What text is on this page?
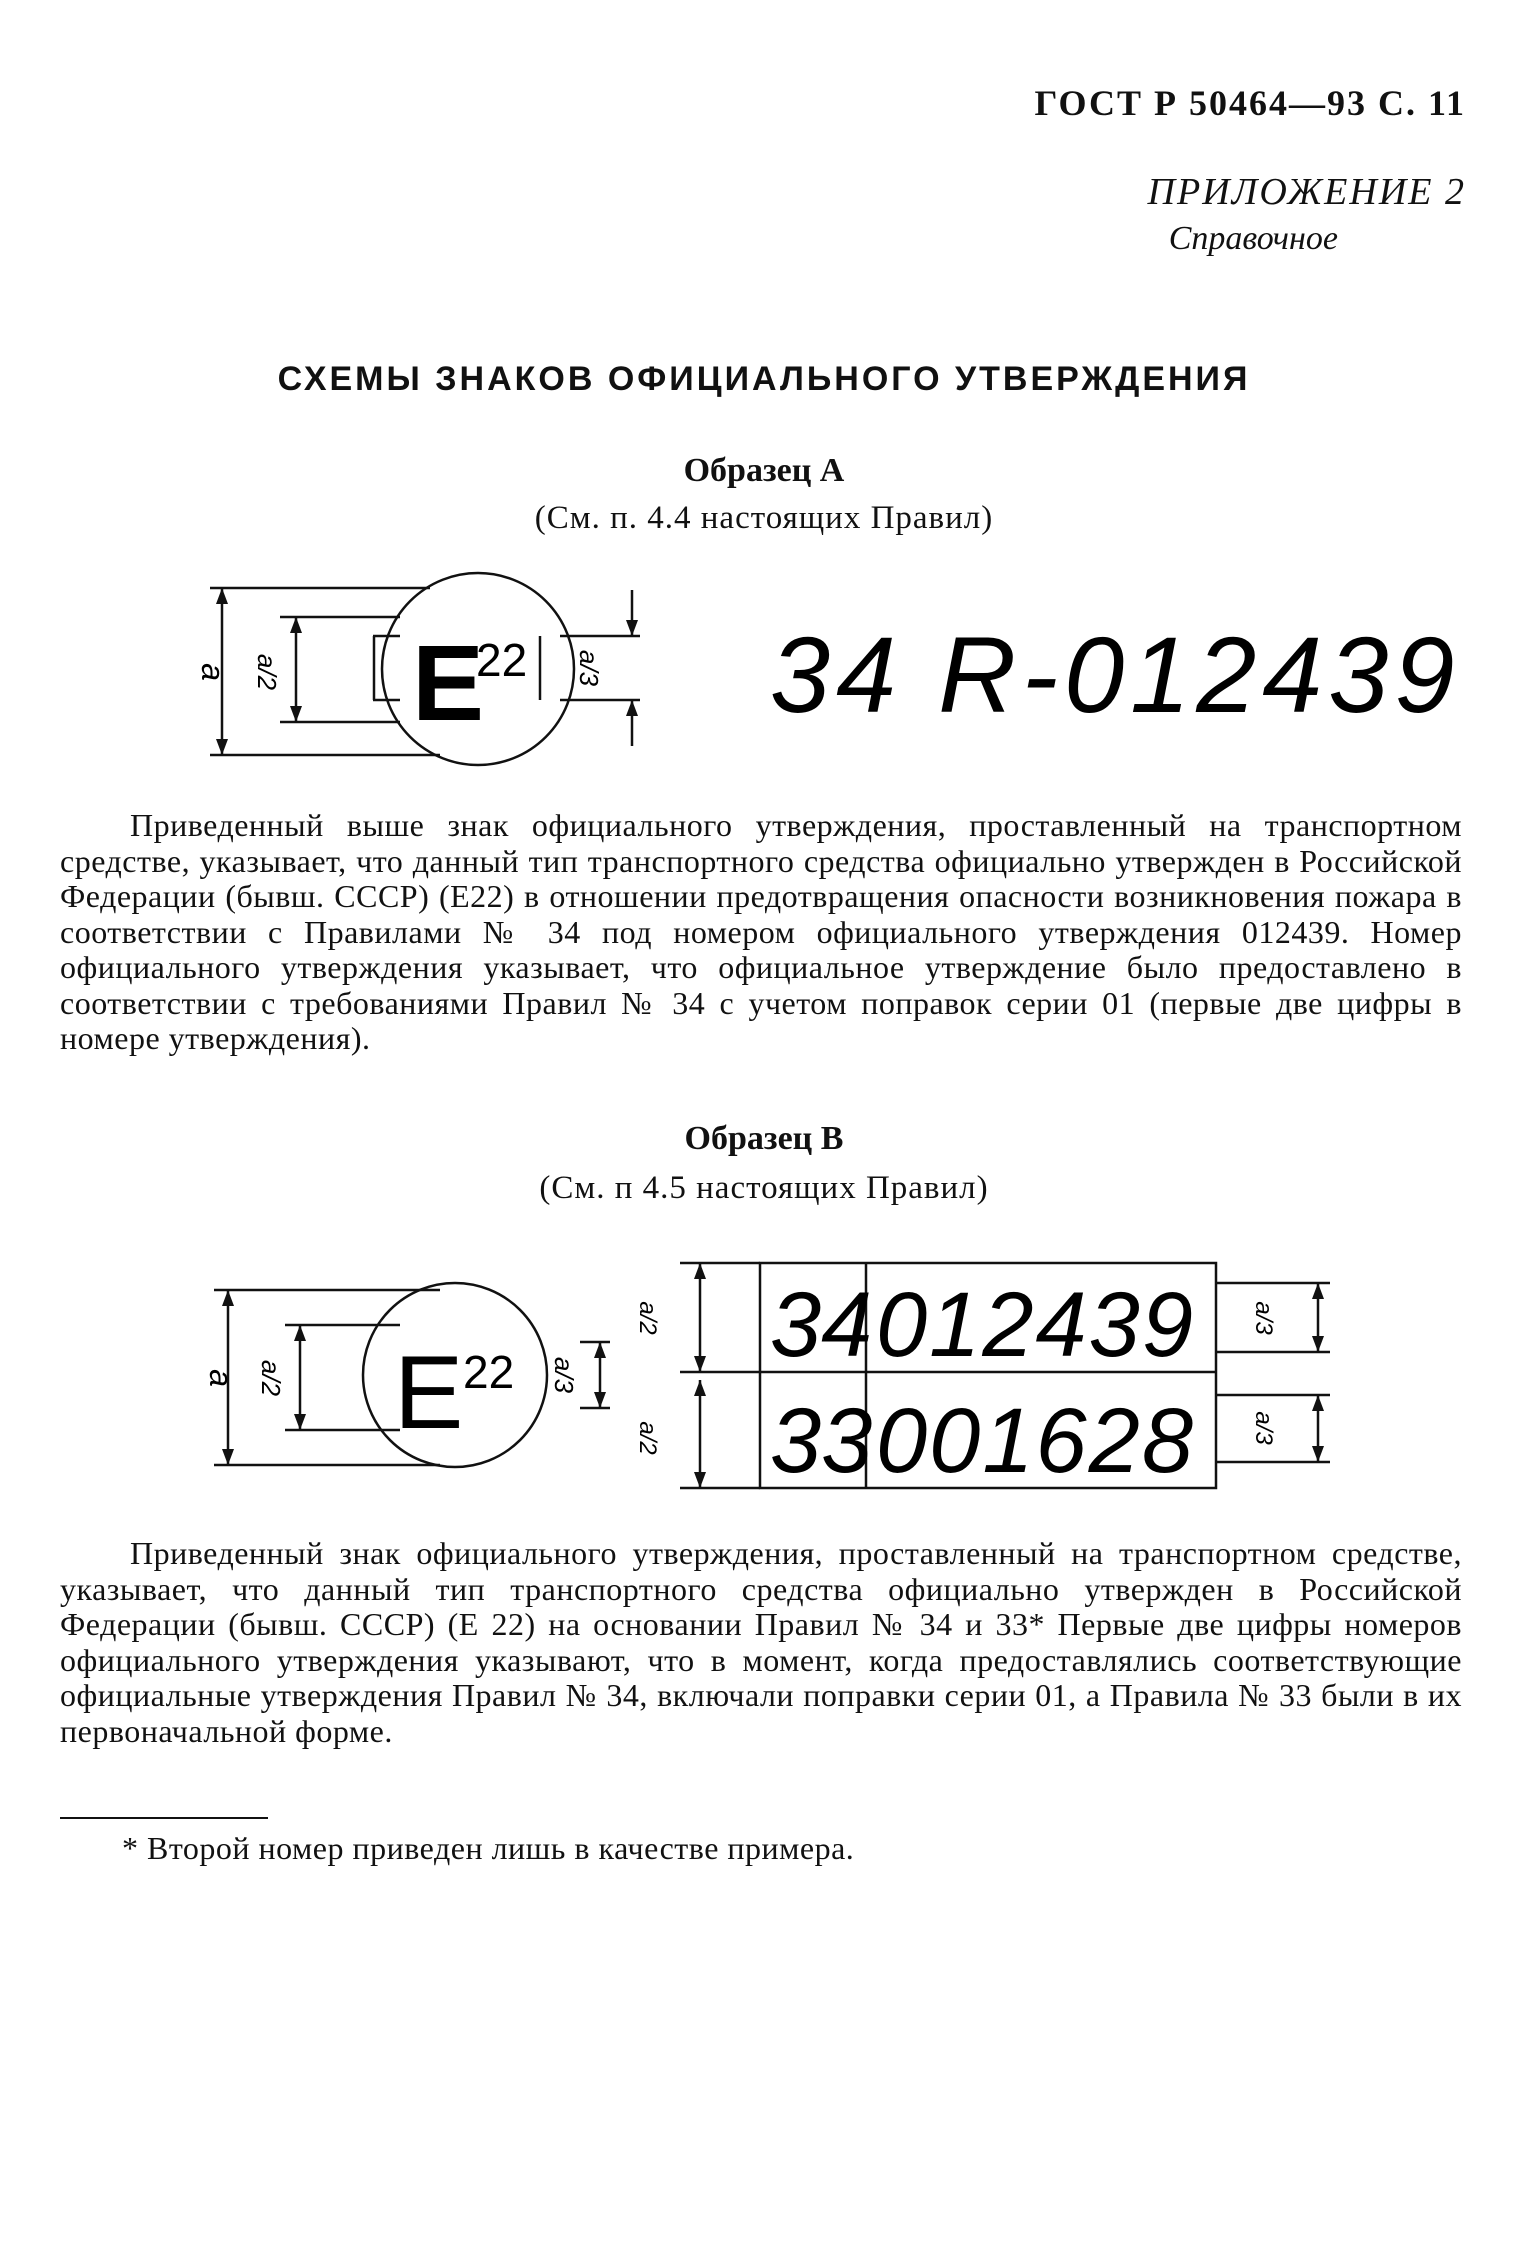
ГОСТ Р 50464—93 С. 11
ПРИЛОЖЕНИЕ 2
Справочное
СХЕМЫ ЗНАКОВ ОФИЦИАЛЬНОГО УТВЕРЖДЕНИЯ
Образец А
(См. п. 4.4 настоящих Правил)
a a/2	a/3
E
22 34 R-012439

Приведенный выше знак официального утверждения, проставленный на транспортном средстве, указывает, что данный тип транспортного средства официально утвержден в Российской Федерации (бывш. СССР) (Е22) в отношении предотвращения опасности возникновения пожара в соответствии с Правилами № 34 под номером официального утверждения 012439. Номер официального утверждения указывает, что официальное утверждение было предоставлено в соответствии с требованиями Правил № 34 с учетом поправок серии 01 (первые две цифры в номере утверждения).

Образец В
(См. п 4.5 настоящих Правил)
a a/2	a/3
a/2
a/2
a/3
a/3
E 22	34 012439
33 001628

Приведенный знак официального утверждения, проставленный на транспортном средстве, указывает, что данный тип транспортного средства официально утвержден в Российской Федерации (бывш. СССР) (Е 22) на основании Правил № 34 и 33* Первые две цифры номеров официального утверждения указывают, что в момент, когда предоставлялись соответствующие официальные утверждения Правил № 34, включали поправки серии 01, а Правила № 33 были в их первоначальной форме.

* Второй номер приведен лишь в качестве примера.
